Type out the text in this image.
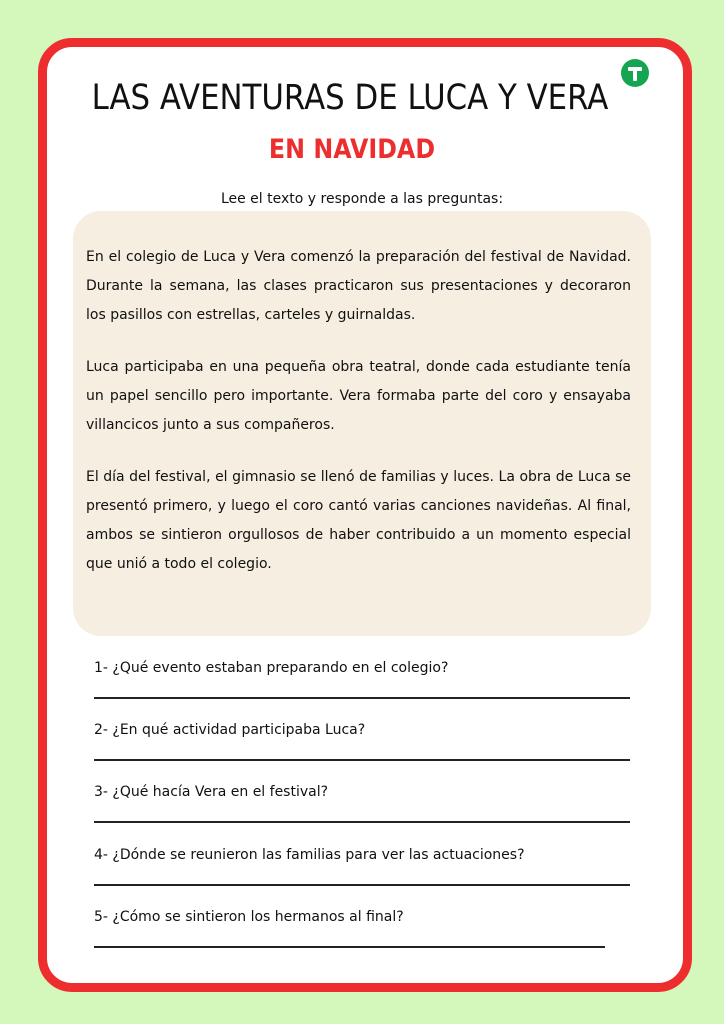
LAS AVENTURAS DE LUCA Y VERA
EN NAVIDAD
Lee el texto y responde a las preguntas:

En el colegio de Luca y Vera comenzó la preparación del festival de Navidad. Durante la semana, las clases practicaron sus presentaciones y decoraron los pasillos con estrellas, carteles y guirnaldas.

Luca participaba en una pequeña obra teatral, donde cada estudiante tenía un papel sencillo pero importante. Vera formaba parte del coro y ensayaba villancicos junto a sus compañeros.

El día del festival, el gimnasio se llenó de familias y luces. La obra de Luca se presentó primero, y luego el coro cantó varias canciones navideñas. Al final, ambos se sintieron orgullosos de haber contribuido a un momento especial que unió a todo el colegio.

1- ¿Qué evento estaban preparando en el colegio?
2- ¿En qué actividad participaba Luca?
3- ¿Qué hacía Vera en el festival?
4- ¿Dónde se reunieron las familias para ver las actuaciones?
5- ¿Cómo se sintieron los hermanos al final?
